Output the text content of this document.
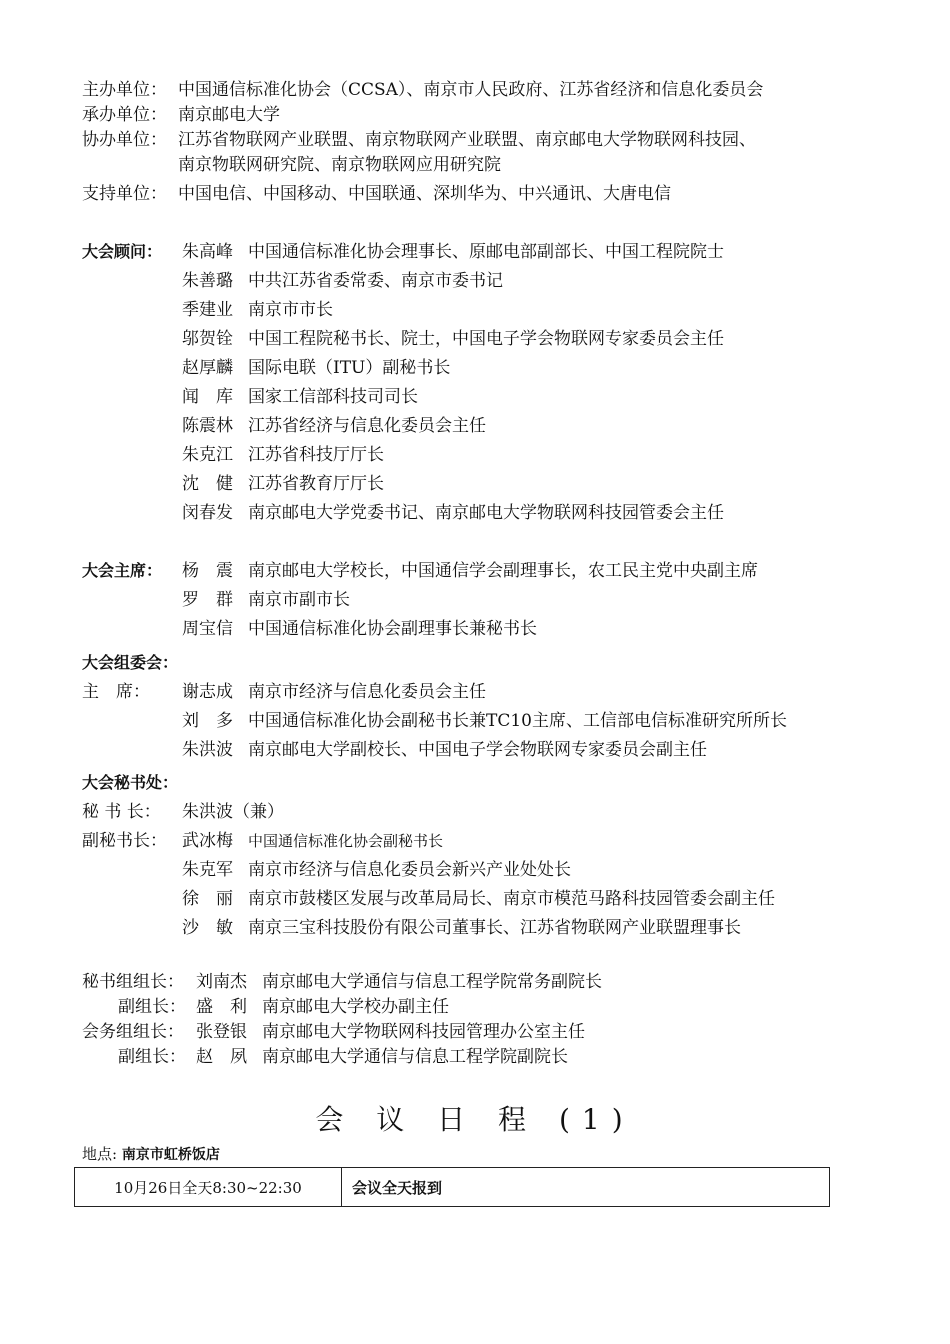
主办单位： 中国通信标准化协会（CCSA）、南京市人民政府、江苏省经济和信息化委员会
承办单位： 南京邮电大学
协办单位： 江苏省物联网产业联盟、南京物联网产业联盟、南京邮电大学物联网科技园、
南京物联网研究院、南京物联网应用研究院
支持单位： 中国电信、中国移动、中国联通、深圳华为、中兴通讯、大唐电信
大会顾问： 朱高峰 中国通信标准化协会理事长、原邮电部副部长、中国工程院院士
朱善璐 中共江苏省委常委、南京市委书记
季建业 南京市市长
邬贺铨 中国工程院秘书长、院士，中国电子学会物联网专家委员会主任
赵厚麟 国际电联（ITU）副秘书长
闻　库 国家工信部科技司司长
陈震林 江苏省经济与信息化委员会主任
朱克江 江苏省科技厅厅长
沈　健 江苏省教育厅厅长
闵春发 南京邮电大学党委书记、南京邮电大学物联网科技园管委会主任
大会主席： 杨　震 南京邮电大学校长，中国通信学会副理事长，农工民主党中央副主席
罗　群 南京市副市长
周宝信 中国通信标准化协会副理事长兼秘书长
大会组委会：
主　席： 谢志成 南京市经济与信息化委员会主任
刘　多 中国通信标准化协会副秘书长兼TC10主席、工信部电信标准研究所所长
朱洪波 南京邮电大学副校长、中国电子学会物联网专家委员会副主任
大会秘书处：
秘 书 长： 朱洪波（兼）
副秘书长： 武冰梅 中国通信标准化协会副秘书长
朱克军 南京市经济与信息化委员会新兴产业处处长
徐　丽 南京市鼓楼区发展与改革局局长、南京市模范马路科技园管委会副主任
沙　敏 南京三宝科技股份有限公司董事长、江苏省物联网产业联盟理事长
秘书组组长： 刘南杰 南京邮电大学通信与信息工程学院常务副院长
副组长： 盛　利 南京邮电大学校办副主任
会务组组长： 张登银 南京邮电大学物联网科技园管理办公室主任
副组长： 赵　夙 南京邮电大学通信与信息工程学院副院长
会 议 日 程 (1)
地点: 南京市虹桥饭店
10月26日全天8:30~22:30	会议全天报到
